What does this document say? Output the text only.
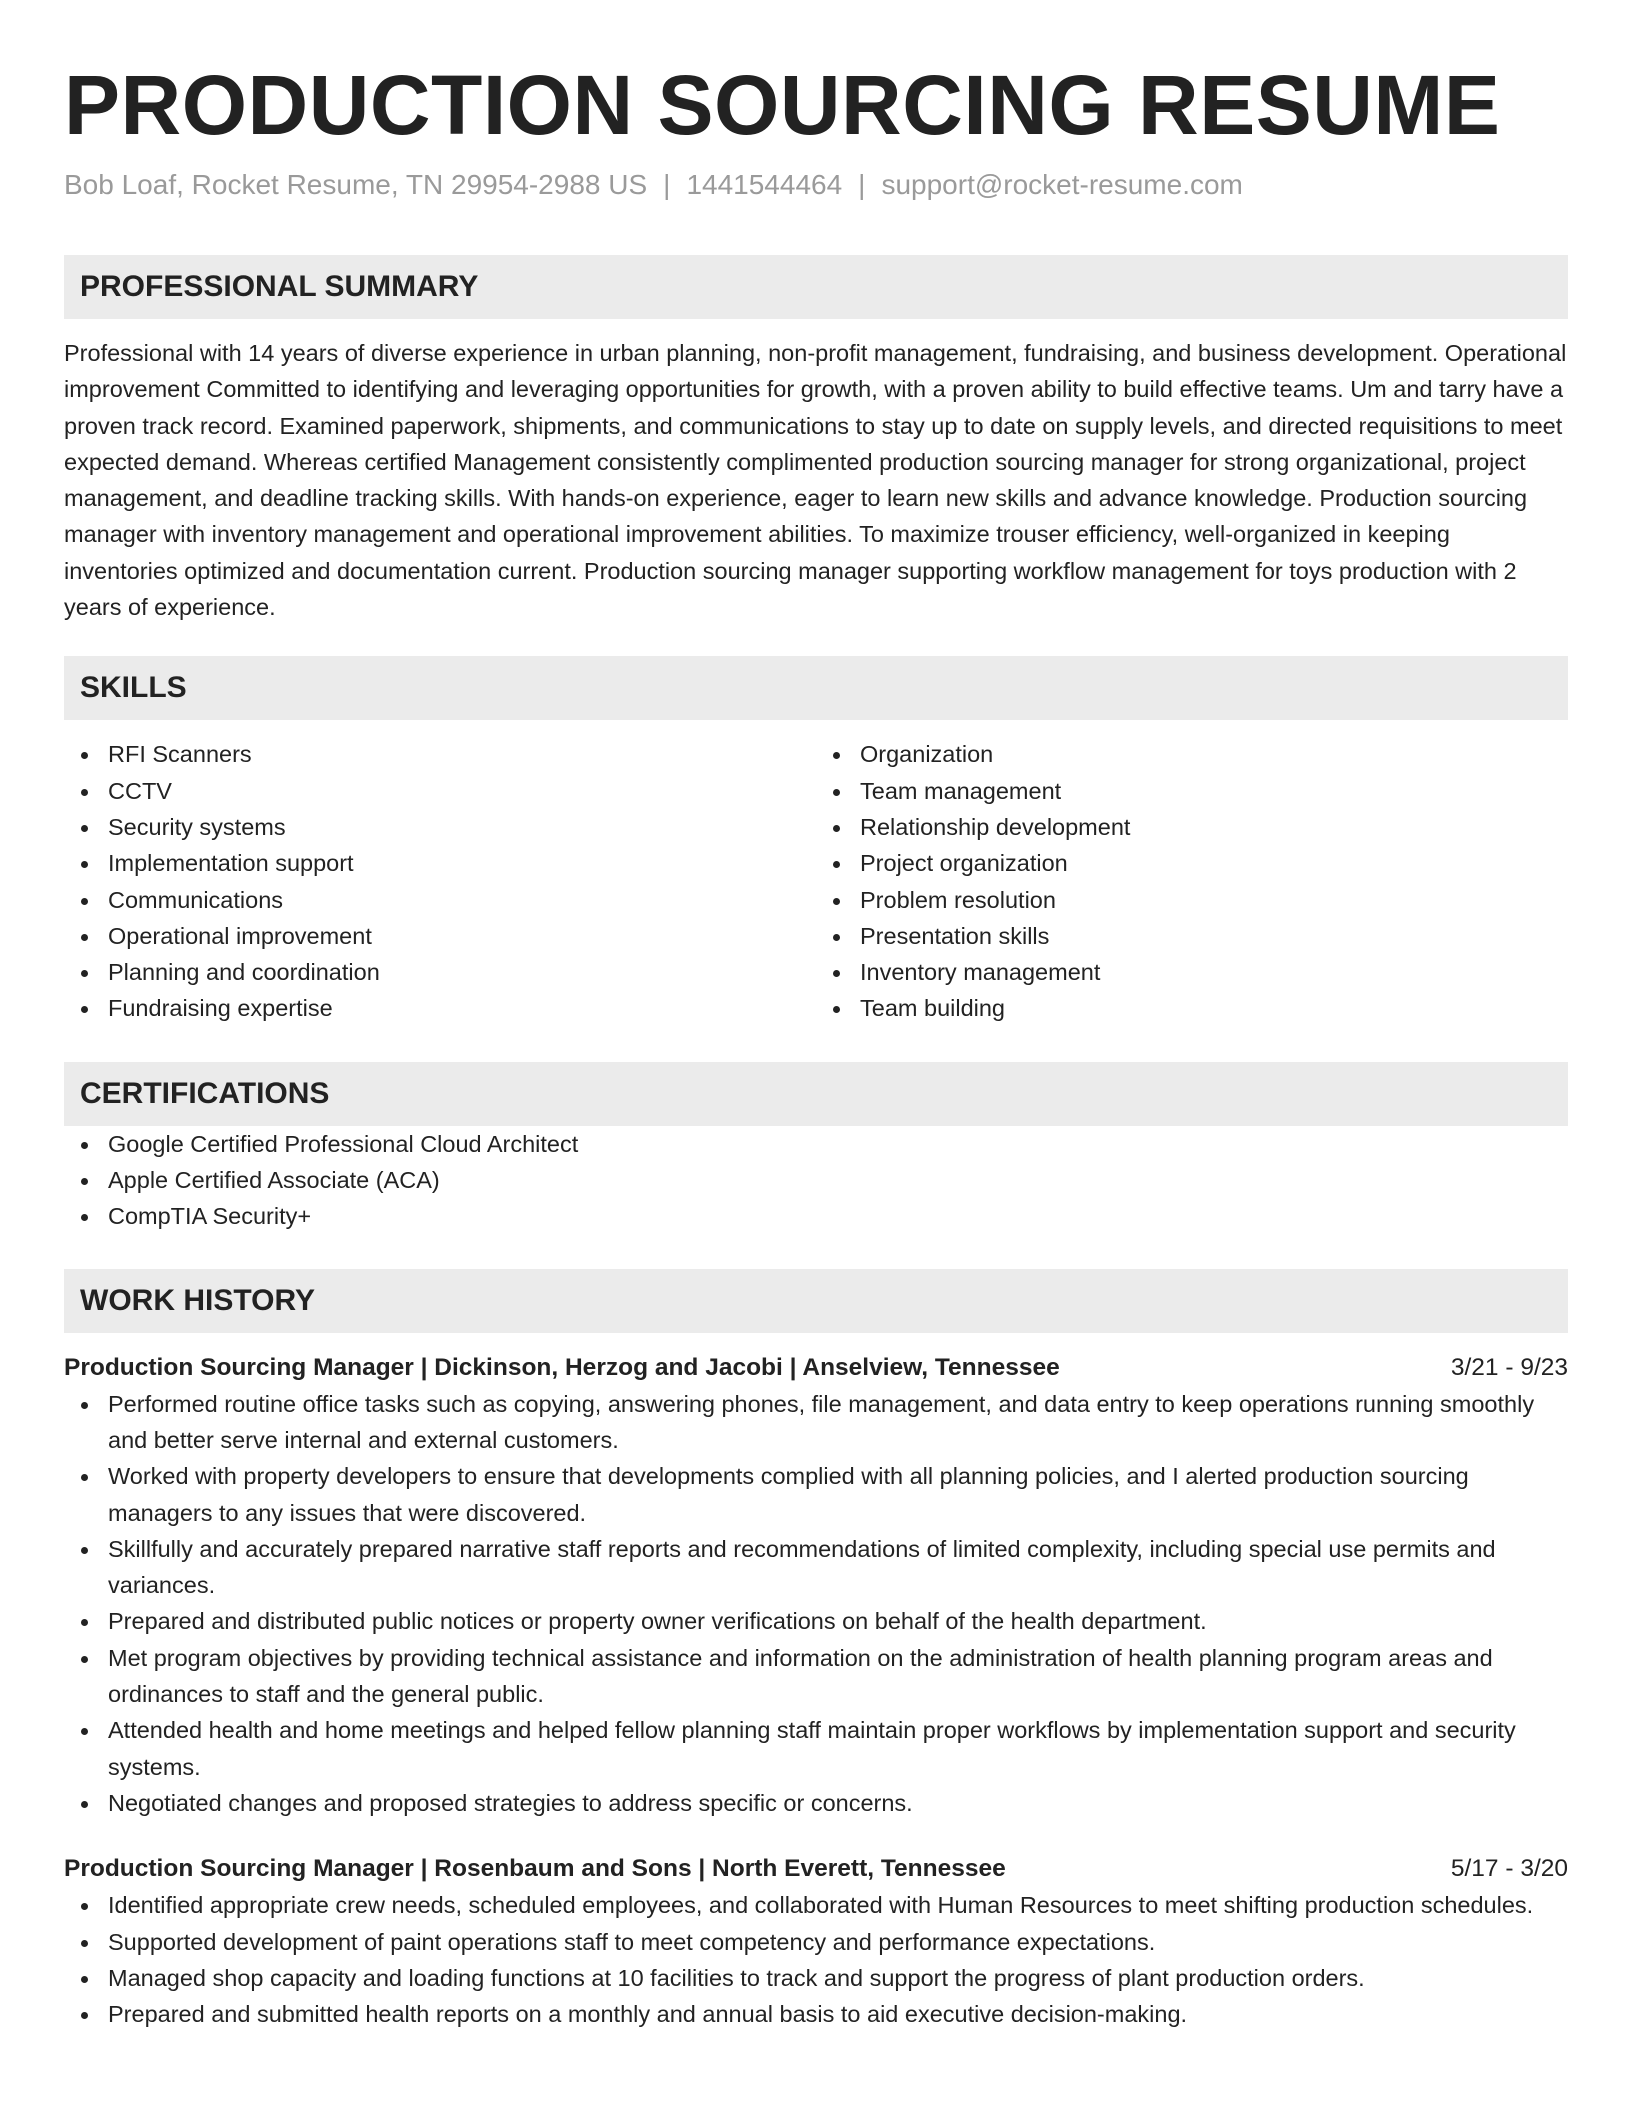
PRODUCTION SOURCING RESUME
Bob Loaf, Rocket Resume, TN 29954-2988 US | 1441544464 | support@rocket-resume.com
PROFESSIONAL SUMMARY

Professional with 14 years of diverse experience in urban planning, non-profit management, fundraising, and business development. Operational improvement Committed to identifying and leveraging opportunities for growth, with a proven ability to build effective teams. Um and tarry have a proven track record. Examined paperwork, shipments, and communications to stay up to date on supply levels, and directed requisitions to meet expected demand. Whereas certified Management consistently complimented production sourcing manager for strong organizational, project management, and deadline tracking skills. With hands-on experience, eager to learn new skills and advance knowledge. Production sourcing manager with inventory management and operational improvement abilities. To maximize trouser efficiency, well-organized in keeping inventories optimized and documentation current. Production sourcing manager supporting workflow management for toys production with 2 years of experience.

SKILLS
RFI Scanners
CCTV
Security systems
Implementation support
Communications
Operational improvement
Planning and coordination
Fundraising expertise
Organization
Team management
Relationship development
Project organization
Problem resolution
Presentation skills
Inventory management
Team building
CERTIFICATIONS
Google Certified Professional Cloud Architect
Apple Certified Associate (ACA)
CompTIA Security+
WORK HISTORY
Production Sourcing Manager | Dickinson, Herzog and Jacobi | Anselview, Tennessee	3/21 - 9/23
Performed routine office tasks such as copying, answering phones, file management, and data entry to keep operations running smoothly and better serve internal and external customers.
Worked with property developers to ensure that developments complied with all planning policies, and I alerted production sourcing managers to any issues that were discovered.
Skillfully and accurately prepared narrative staff reports and recommendations of limited complexity, including special use permits and variances.
Prepared and distributed public notices or property owner verifications on behalf of the health department.
Met program objectives by providing technical assistance and information on the administration of health planning program areas and ordinances to staff and the general public.
Attended health and home meetings and helped fellow planning staff maintain proper workflows by implementation support and security systems.
Negotiated changes and proposed strategies to address specific or concerns.
Production Sourcing Manager | Rosenbaum and Sons | North Everett, Tennessee	5/17 - 3/20
Identified appropriate crew needs, scheduled employees, and collaborated with Human Resources to meet shifting production schedules.
Supported development of paint operations staff to meet competency and performance expectations.
Managed shop capacity and loading functions at 10 facilities to track and support the progress of plant production orders.
Prepared and submitted health reports on a monthly and annual basis to aid executive decision-making.
